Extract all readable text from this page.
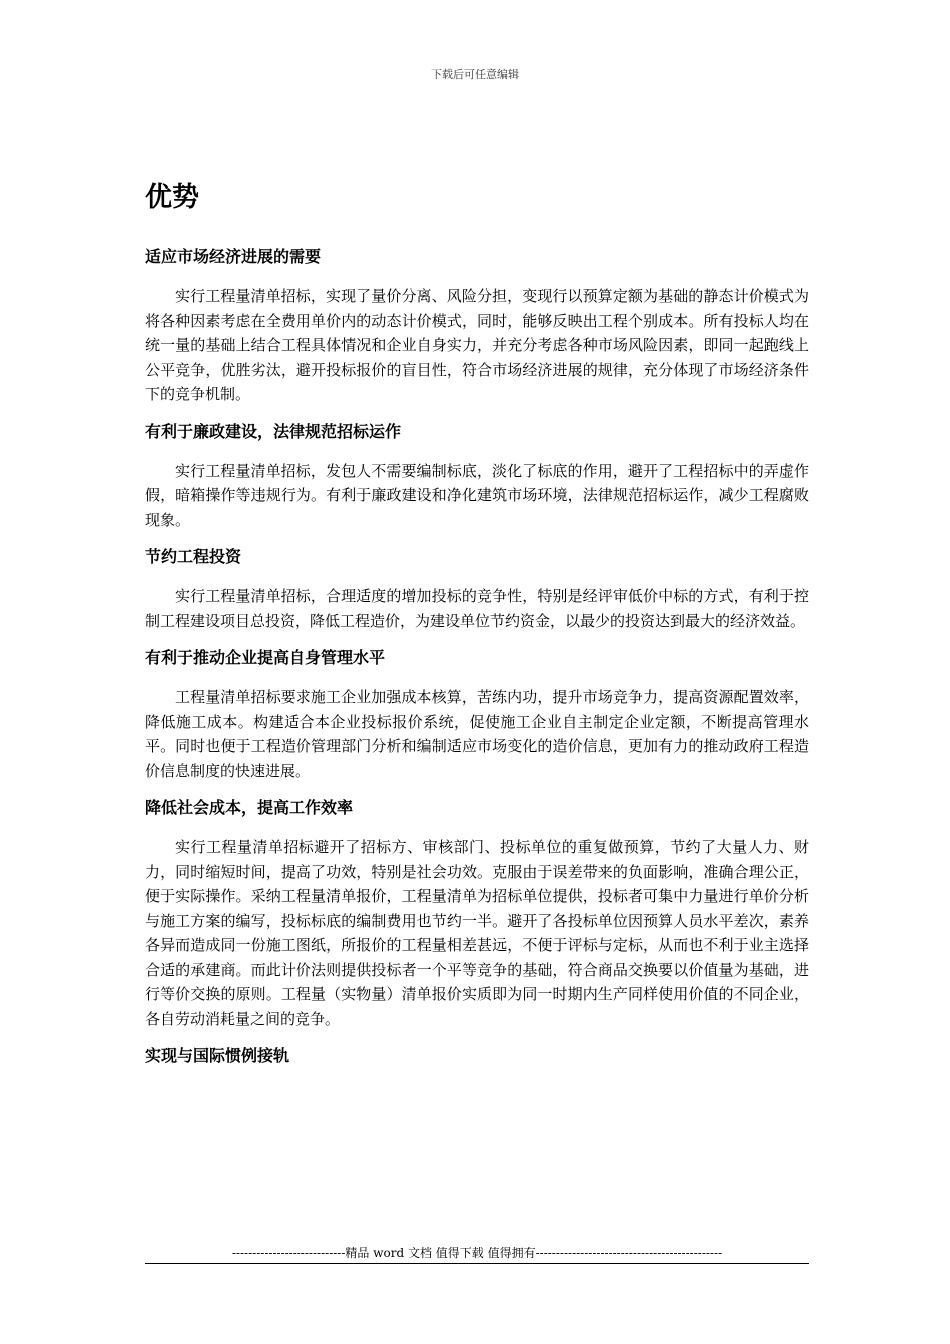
下载后可任意编辑
优势
适应市场经济进展的需要

实行工程量清单招标，实现了量价分离、风险分担，变现行以预算定额为基础的静态计价模式为将各种因素考虑在全费用单价内的动态计价模式，同时，能够反映出工程个别成本。所有投标人均在统一量的基础上结合工程具体情况和企业自身实力，并充分考虑各种市场风险因素，即同一起跑线上公平竞争，优胜劣汰，避开投标报价的盲目性，符合市场经济进展的规律，充分体现了市场经济条件下的竞争机制。

有利于廉政建设，法律规范招标运作

实行工程量清单招标，发包人不需要编制标底，淡化了标底的作用，避开了工程招标中的弄虚作假，暗箱操作等违规行为。有利于廉政建设和净化建筑市场环境，法律规范招标运作，减少工程腐败现象。

节约工程投资

实行工程量清单招标，合理适度的增加投标的竞争性，特别是经评审低价中标的方式，有利于控制工程建设项目总投资，降低工程造价，为建设单位节约资金，以最少的投资达到最大的经济效益。

有利于推动企业提高自身管理水平

工程量清单招标要求施工企业加强成本核算，苦练内功，提升市场竞争力，提高资源配置效率，降低施工成本。构建适合本企业投标报价系统，促使施工企业自主制定企业定额，不断提高管理水平。同时也便于工程造价管理部门分析和编制适应市场变化的造价信息，更加有力的推动政府工程造价信息制度的快速进展。

降低社会成本，提高工作效率

实行工程量清单招标避开了招标方、审核部门、投标单位的重复做预算，节约了大量人力、财力，同时缩短时间，提高了功效，特别是社会功效。克服由于误差带来的负面影响，准确合理公正，便于实际操作。采纳工程量清单报价，工程量清单为招标单位提供，投标者可集中力量进行单价分析与施工方案的编写，投标标底的编制费用也节约一半。避开了各投标单位因预算人员水平差次，素养各异而造成同一份施工图纸，所报价的工程量相差甚远，不便于评标与定标，从而也不利于业主选择合适的承建商。而此计价法则提供投标者一个平等竞争的基础，符合商品交换要以价值量为基础，进行等价交换的原则。工程量（实物量）清单报价实质即为同一时期内生产同样使用价值的不同企业，各自劳动消耗量之间的竞争。

实现与国际惯例接轨
----------------------------精品 word 文档 值得下载 值得拥有----------------------------------------------
